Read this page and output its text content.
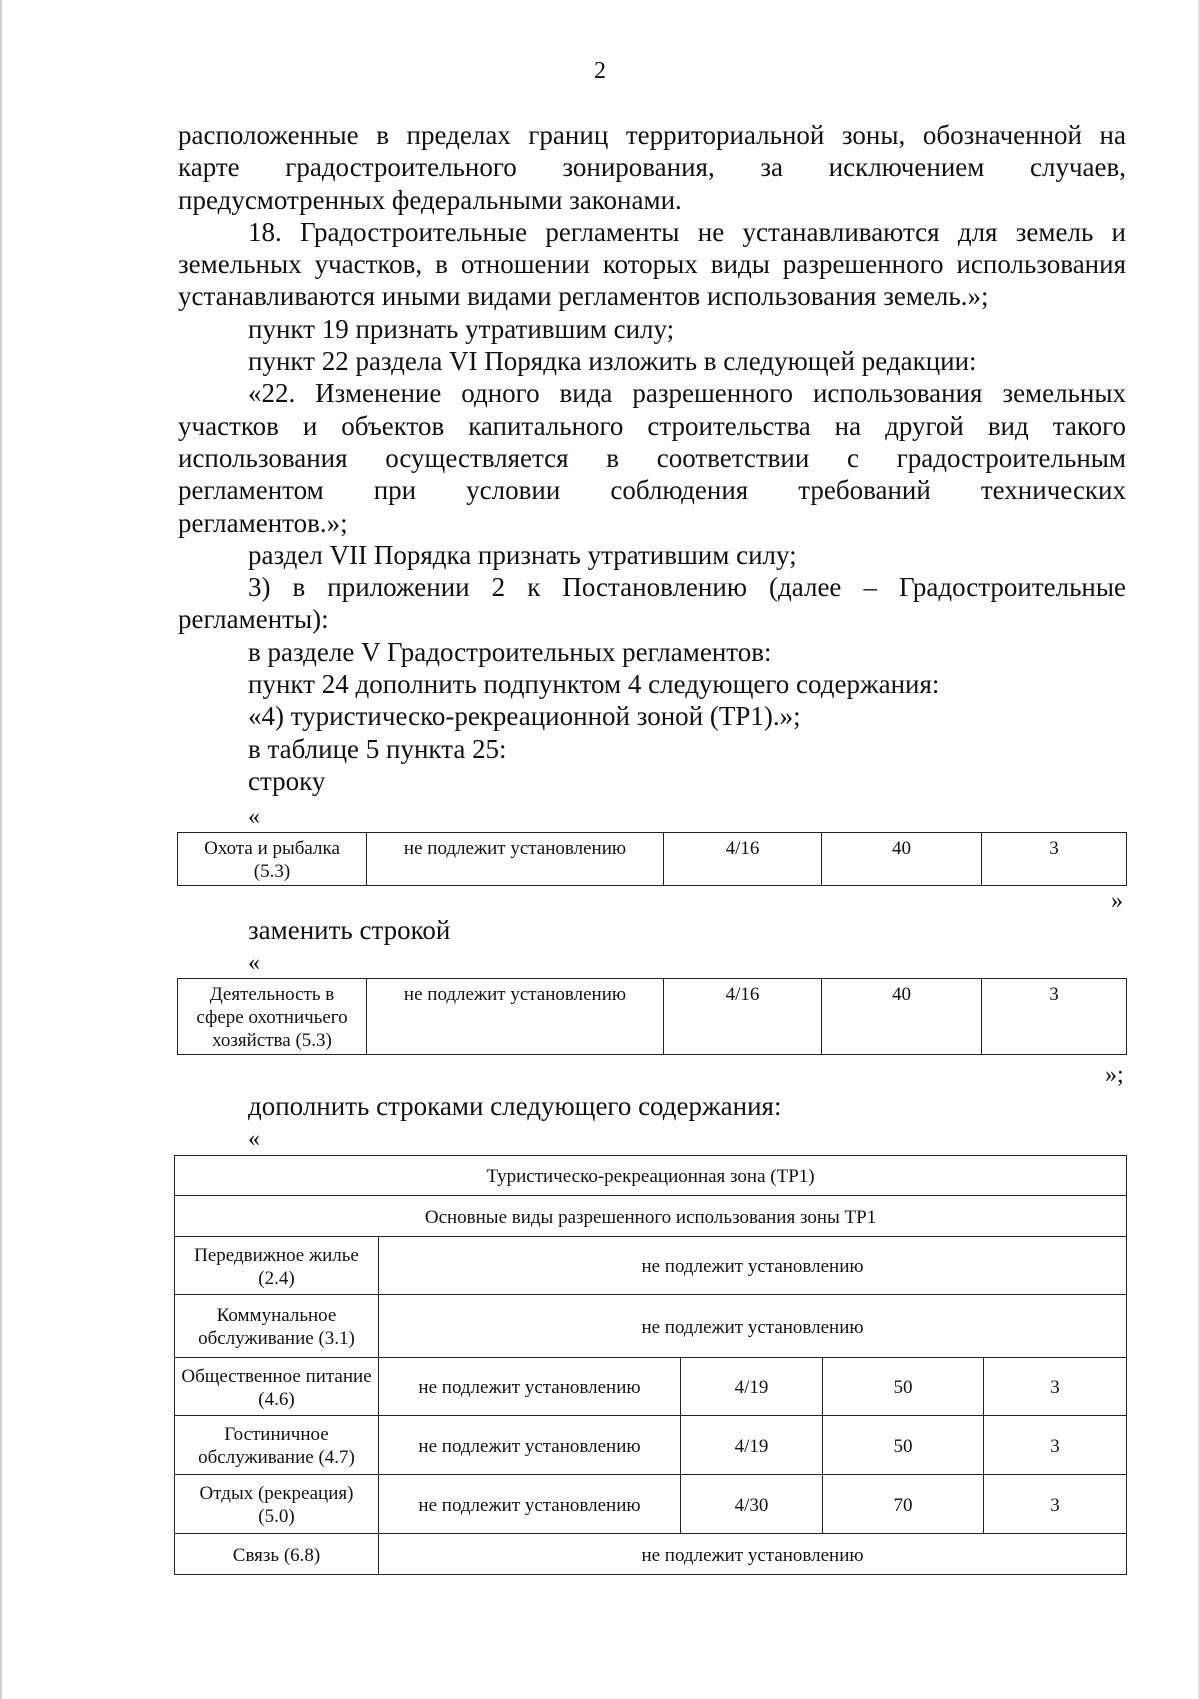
2

расположенные в пределах границ территориальной зоны, обозначенной на

карте градостроительного зонирования, за исключением случаев,

предусмотренных федеральными законами.

18. Градостроительные регламенты не устанавливаются для земель и

земельных участков, в отношении которых виды разрешенного использования

устанавливаются иными видами регламентов использования земель.»;

пункт 19 признать утратившим силу;

пункт 22 раздела VI Порядка изложить в следующей редакции:

«22. Изменение одного вида разрешенного использования земельных

участков и объектов капитального строительства на другой вид такого

использования осуществляется в соответствии с градостроительным

регламентом при условии соблюдения требований технических

регламентов.»;

раздел VII Порядка признать утратившим силу;

3) в приложении 2 к Постановлению (далее – Градостроительные

регламенты):

в разделе V Градостроительных регламентов:

пункт 24 дополнить подпунктом 4 следующего содержания:

«4) туристическо-рекреационной зоной (ТР1).»;

в таблице 5 пункта 25:

строку

«
Охота и рыбалка (5.3)	не подлежит установлению	4/16	40	3
»

заменить строкой

«
Деятельность в сфере охотничьего хозяйства (5.3)	не подлежит установлению	4/16	40	3
»;

дополнить строками следующего содержания:

«
Туристическо-рекреационная зона (ТР1)				
Основные виды разрешенного использования зоны ТР1				
Передвижное жилье (2.4)	не подлежит установлению			
Коммунальное обслуживание (3.1)	не подлежит установлению			
Общественное питание (4.6)	не подлежит установлению	4/19	50	3
Гостиничное обслуживание (4.7)	не подлежит установлению	4/19	50	3
Отдых (рекреация) (5.0)	не подлежит установлению	4/30	70	3
Связь (6.8)	не подлежит установлению			
